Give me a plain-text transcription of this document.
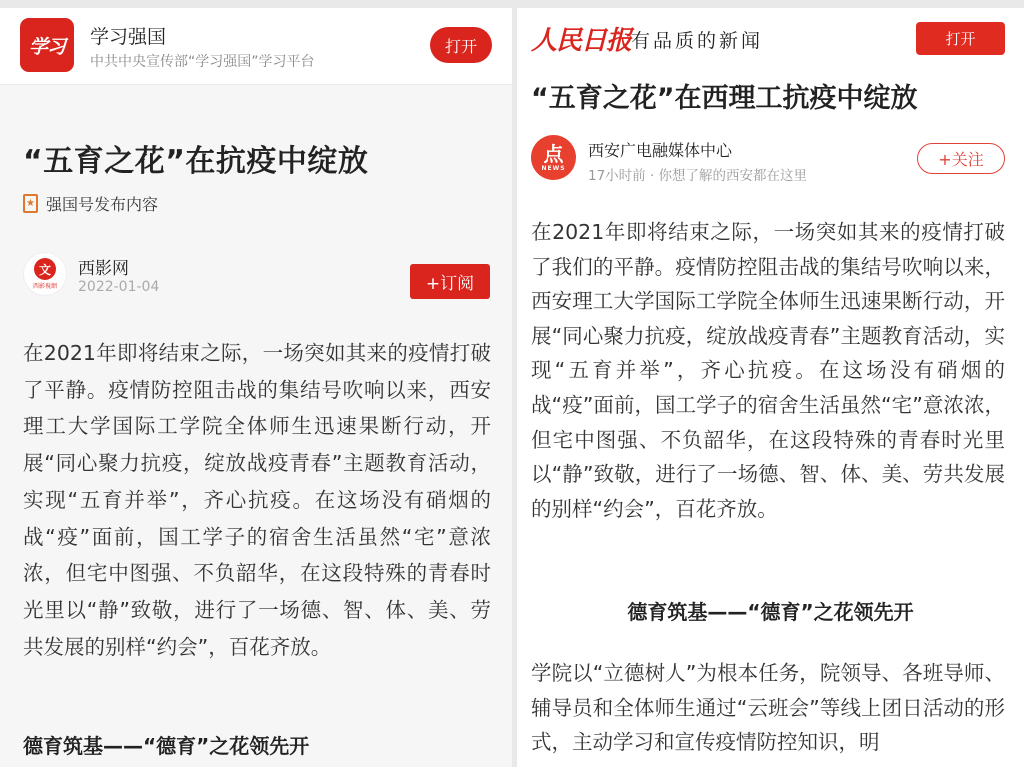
学习	学习强国
中共中央宣传部“学习强国”学习平台
打开
“五育之花”在抗疫中绽放
★ 强国号发布内容
文
西影視網
西影网
2022-01-04	+订阅

在2021年即将结束之际，一场突如其来的疫情打破了平静。疫情防控阻击战的集结号吹响以来，西安理工大学国际工学院全体师生迅速果断行动，开展“同心聚力抗疫，绽放战疫青春”主题教育活动，实现“五育并举”，齐心抗疫。在这场没有硝烟的战“疫”面前，国工学子的宿舍生活虽然“宅”意浓浓，但宅中图强、不负韶华，在这段特殊的青春时光里以“静”致敬，进行了一场德、智、体、美、劳共发展的别样“约会”，百花齐放。

德育筑基——“德育”之花领先开
人民日报 有品质的新闻	打开
“五育之花”在西理工抗疫中绽放
点
NEWS
西安广电融媒体中心
17小时前 · 你想了解的西安都在这里
+关注

在2021年即将结束之际，一场突如其来的疫情打破了我们的平静。疫情防控阻击战的集结号吹响以来，西安理工大学国际工学院全体师生迅速果断行动，开展“同心聚力抗疫，绽放战疫青春”主题教育活动，实现“五育并举”，齐心抗疫。在这场没有硝烟的战“疫”面前，国工学子的宿舍生活虽然“宅”意浓浓，但宅中图强、不负韶华，在这段特殊的青春时光里以“静”致敬，进行了一场德、智、体、美、劳共发展的别样“约会”，百花齐放。

德育筑基——“德育”之花领先开

学院以“立德树人”为根本任务，院领导、各班导师、辅导员和全体师生通过“云班会”等线上团日活动的形式，主动学习和宣传疫情防控知识，明
